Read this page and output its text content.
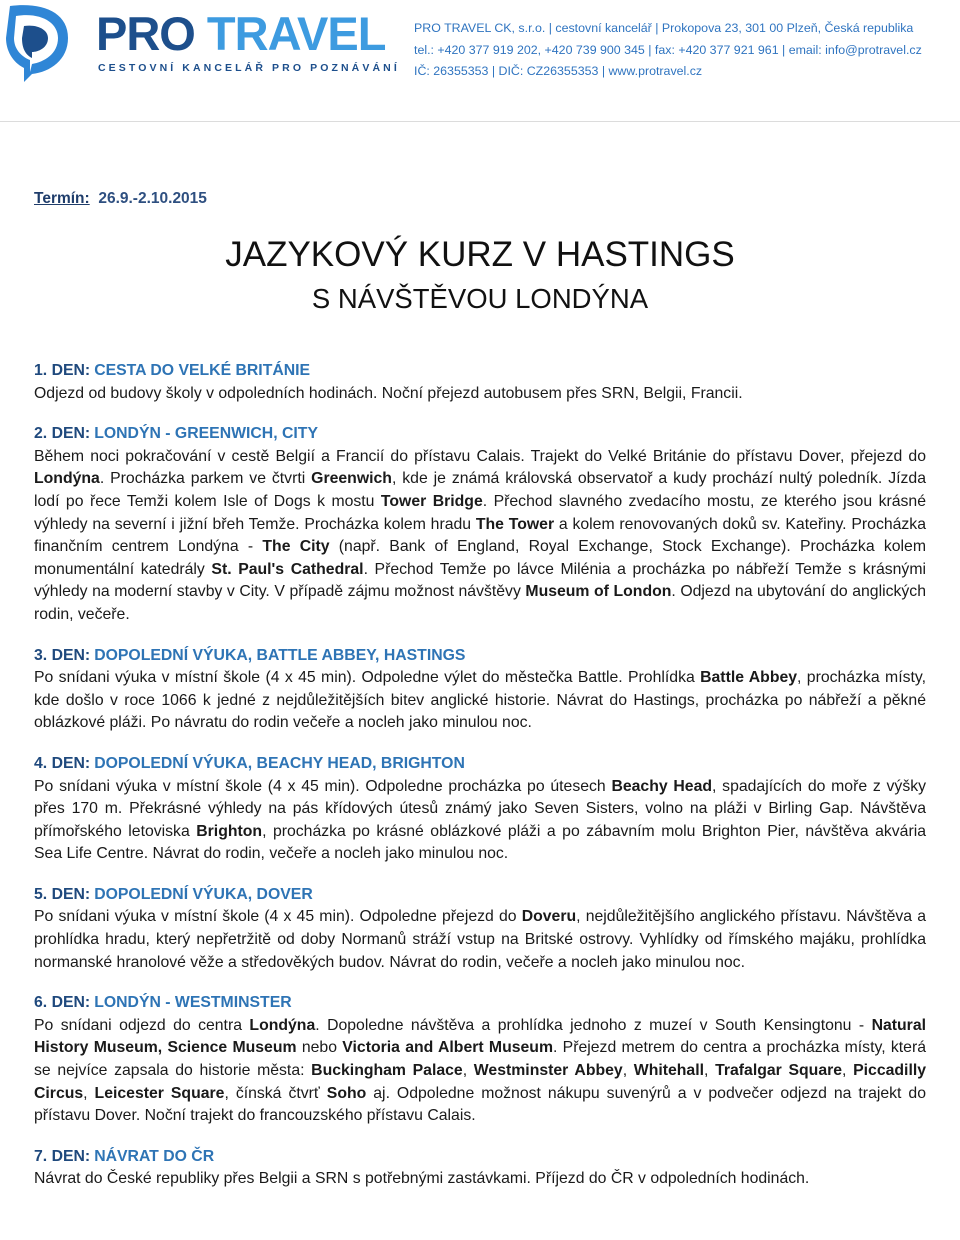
PRO TRAVEL
CESTOVNÍ KANCELÁŘ PRO POZNÁVÁNÍ
PRO TRAVEL CK, s.r.o. | cestovní kancelář | Prokopova 23, 301 00 Plzeň, Česká republika
tel.: +420 377 919 202, +420 739 900 345 | fax: +420 377 921 961 | email: info@protravel.cz
IČ: 26355353 | DIČ: CZ26355353 | www.protravel.cz
Termín: 26.9.-2.10.2015
JAZYKOVÝ KURZ V HASTINGS
S NÁVŠTĚVOU LONDÝNA
1. DEN: CESTA DO VELKÉ BRITÁNIE

Odjezd od budovy školy v odpoledních hodinách. Noční přejezd autobusem přes SRN, Belgii, Francii.

2. DEN: LONDÝN - GREENWICH, CITY

Během noci pokračování v cestě Belgií a Francií do přístavu Calais. Trajekt do Velké Británie do přístavu Dover, přejezd do Londýna. Procházka parkem ve čtvrti Greenwich, kde je známá královská observatoř a kudy prochází nultý poledník. Jízda lodí po řece Temži kolem Isle of Dogs k mostu Tower Bridge. Přechod slavného zvedacího mostu, ze kterého jsou krásné výhledy na severní i jižní břeh Temže. Procházka kolem hradu The Tower a kolem renovovaných doků sv. Kateřiny. Procházka finančním centrem Londýna - The City (např. Bank of England, Royal Exchange, Stock Exchange). Procházka kolem monumentální katedrály St. Paul's Cathedral. Přechod Temže po lávce Milénia a procházka po nábřeží Temže s krásnými výhledy na moderní stavby v City. V případě zájmu možnost návštěvy Museum of London. Odjezd na ubytování do anglických rodin, večeře.

3. DEN: DOPOLEDNÍ VÝUKA, BATTLE ABBEY, HASTINGS

Po snídani výuka v místní škole (4 x 45 min). Odpoledne výlet do městečka Battle. Prohlídka Battle Abbey, procházka místy, kde došlo v roce 1066 k jedné z nejdůležitějších bitev anglické historie. Návrat do Hastings, procházka po nábřeží a pěkné oblázkové pláži. Po návratu do rodin večeře a nocleh jako minulou noc.

4. DEN: DOPOLEDNÍ VÝUKA, BEACHY HEAD, BRIGHTON

Po snídani výuka v místní škole (4 x 45 min). Odpoledne procházka po útesech Beachy Head, spadajících do moře z výšky přes 170 m. Překrásné výhledy na pás křídových útesů známý jako Seven Sisters, volno na pláži v Birling Gap. Návštěva přímořského letoviska Brighton, procházka po krásné oblázkové pláži a po zábavním molu Brighton Pier, návštěva akvária Sea Life Centre. Návrat do rodin, večeře a nocleh jako minulou noc.

5. DEN: DOPOLEDNÍ VÝUKA, DOVER

Po snídani výuka v místní škole (4 x 45 min). Odpoledne přejezd do Doveru, nejdůležitějšího anglického přístavu. Návštěva a prohlídka hradu, který nepřetržitě od doby Normanů stráží vstup na Britské ostrovy. Vyhlídky od římského majáku, prohlídka normanské hranolové věže a středověkých budov. Návrat do rodin, večeře a nocleh jako minulou noc.

6. DEN: LONDÝN - WESTMINSTER

Po snídani odjezd do centra Londýna. Dopoledne návštěva a prohlídka jednoho z muzeí v South Kensingtonu - Natural History Museum, Science Museum nebo Victoria and Albert Museum. Přejezd metrem do centra a procházka místy, která se nejvíce zapsala do historie města: Buckingham Palace, Westminster Abbey, Whitehall, Trafalgar Square, Piccadilly Circus, Leicester Square, čínská čtvrť Soho aj. Odpoledne možnost nákupu suvenýrů a v podvečer odjezd na trajekt do přístavu Dover. Noční trajekt do francouzského přístavu Calais.

7. DEN: NÁVRAT DO ČR

Návrat do České republiky přes Belgii a SRN s potřebnými zastávkami. Příjezd do ČR v odpoledních hodinách.
